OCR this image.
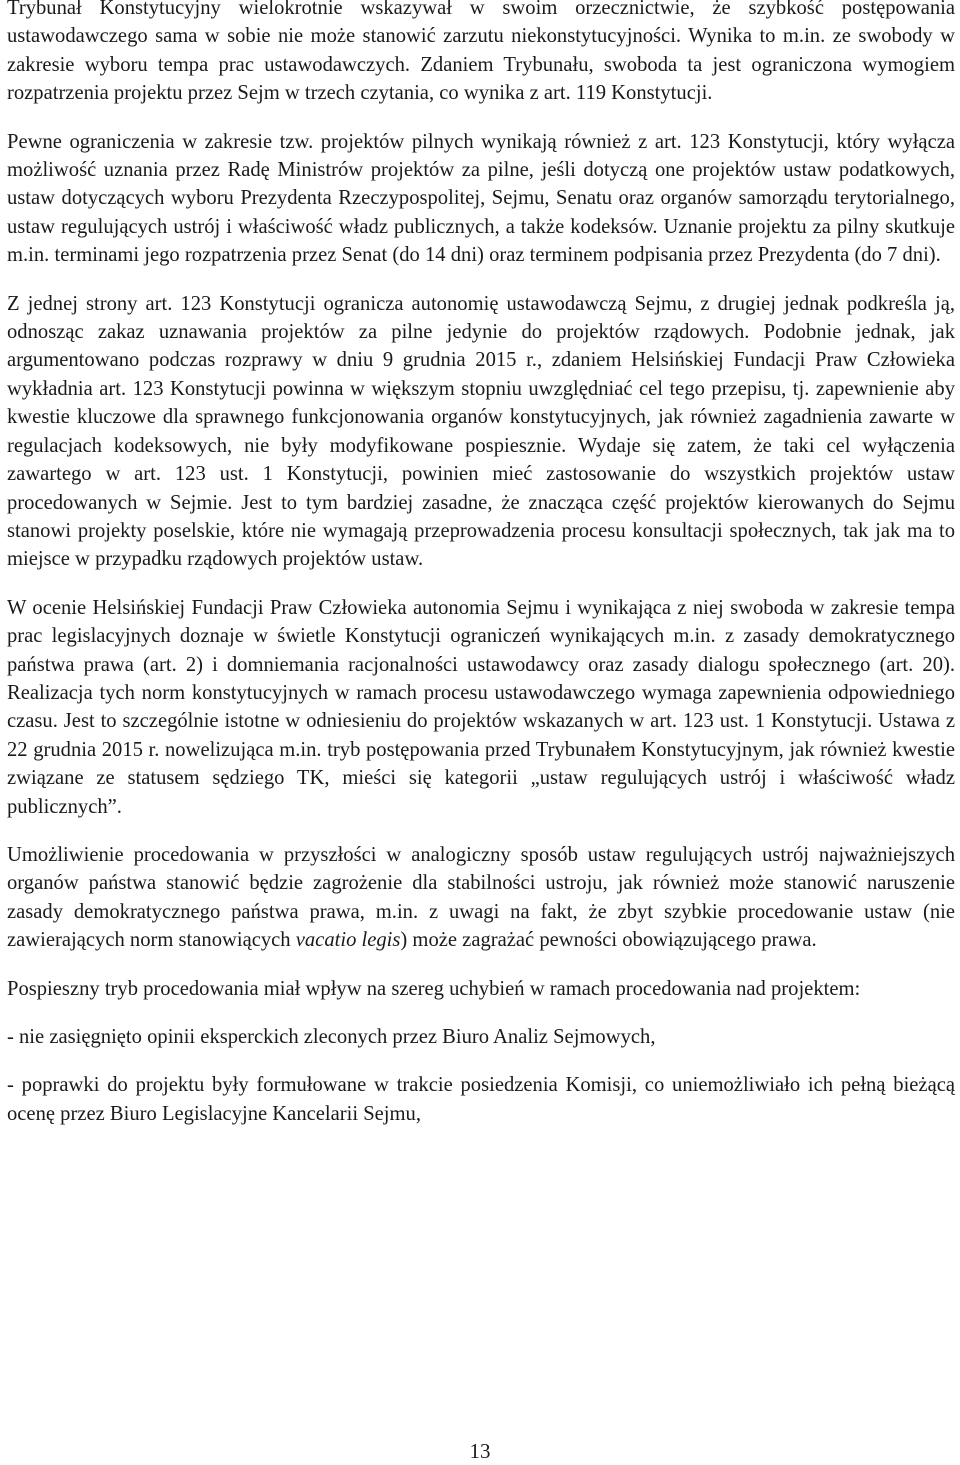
Trybunał Konstytucyjny wielokrotnie wskazywał w swoim orzecznictwie, że szybkość postępowania ustawodawczego sama w sobie nie może stanowić zarzutu niekonstytucyjności. Wynika to m.in. ze swobody w zakresie wyboru tempa prac ustawodawczych. Zdaniem Trybunału, swoboda ta jest ograniczona wymogiem rozpatrzenia projektu przez Sejm w trzech czytania, co wynika z art. 119 Konstytucji.

Pewne ograniczenia w zakresie tzw. projektów pilnych wynikają również z art. 123 Konstytucji, który wyłącza możliwość uznania przez Radę Ministrów projektów za pilne, jeśli dotyczą one projektów ustaw podatkowych, ustaw dotyczących wyboru Prezydenta Rzeczypospolitej, Sejmu, Senatu oraz organów samorządu terytorialnego, ustaw regulujących ustrój i właściwość władz publicznych, a także kodeksów. Uznanie projektu za pilny skutkuje m.in. terminami jego rozpatrzenia przez Senat (do 14 dni) oraz terminem podpisania przez Prezydenta (do 7 dni).

Z jednej strony art. 123 Konstytucji ogranicza autonomię ustawodawczą Sejmu, z drugiej jednak podkreśla ją, odnosząc zakaz uznawania projektów za pilne jedynie do projektów rządowych. Podobnie jednak, jak argumentowano podczas rozprawy w dniu 9 grudnia 2015 r., zdaniem Helsińskiej Fundacji Praw Człowieka wykładnia art. 123 Konstytucji powinna w większym stopniu uwzględniać cel tego przepisu, tj. zapewnienie aby kwestie kluczowe dla sprawnego funkcjonowania organów konstytucyjnych, jak również zagadnienia zawarte w regulacjach kodeksowych, nie były modyfikowane pospiesznie. Wydaje się zatem, że taki cel wyłączenia zawartego w art. 123 ust. 1 Konstytucji, powinien mieć zastosowanie do wszystkich projektów ustaw procedowanych w Sejmie. Jest to tym bardziej zasadne, że znacząca część projektów kierowanych do Sejmu stanowi projekty poselskie, które nie wymagają przeprowadzenia procesu konsultacji społecznych, tak jak ma to miejsce w przypadku rządowych projektów ustaw.

W ocenie Helsińskiej Fundacji Praw Człowieka autonomia Sejmu i wynikająca z niej swoboda w zakresie tempa prac legislacyjnych doznaje w świetle Konstytucji ograniczeń wynikających m.in. z zasady demokratycznego państwa prawa (art. 2) i domniemania racjonalności ustawodawcy oraz zasady dialogu społecznego (art. 20). Realizacja tych norm konstytucyjnych w ramach procesu ustawodawczego wymaga zapewnienia odpowiedniego czasu. Jest to szczególnie istotne w odniesieniu do projektów wskazanych w art. 123 ust. 1 Konstytucji. Ustawa z 22 grudnia 2015 r. nowelizująca m.in. tryb postępowania przed Trybunałem Konstytucyjnym, jak również kwestie związane ze statusem sędziego TK, mieści się kategorii „ustaw regulujących ustrój i właściwość władz publicznych”.

Umożliwienie procedowania w przyszłości w analogiczny sposób ustaw regulujących ustrój najważniejszych organów państwa stanowić będzie zagrożenie dla stabilności ustroju, jak również może stanowić naruszenie zasady demokratycznego państwa prawa, m.in. z uwagi na fakt, że zbyt szybkie procedowanie ustaw (nie zawierających norm stanowiących vacatio legis) może zagrażać pewności obowiązującego prawa.

Pospieszny tryb procedowania miał wpływ na szereg uchybień w ramach procedowania nad projektem:

- nie zasięgnięto opinii eksperckich zleconych przez Biuro Analiz Sejmowych,

- poprawki do projektu były formułowane w trakcie posiedzenia Komisji, co uniemożliwiało ich pełną bieżącą ocenę przez Biuro Legislacyjne Kancelarii Sejmu,

13
